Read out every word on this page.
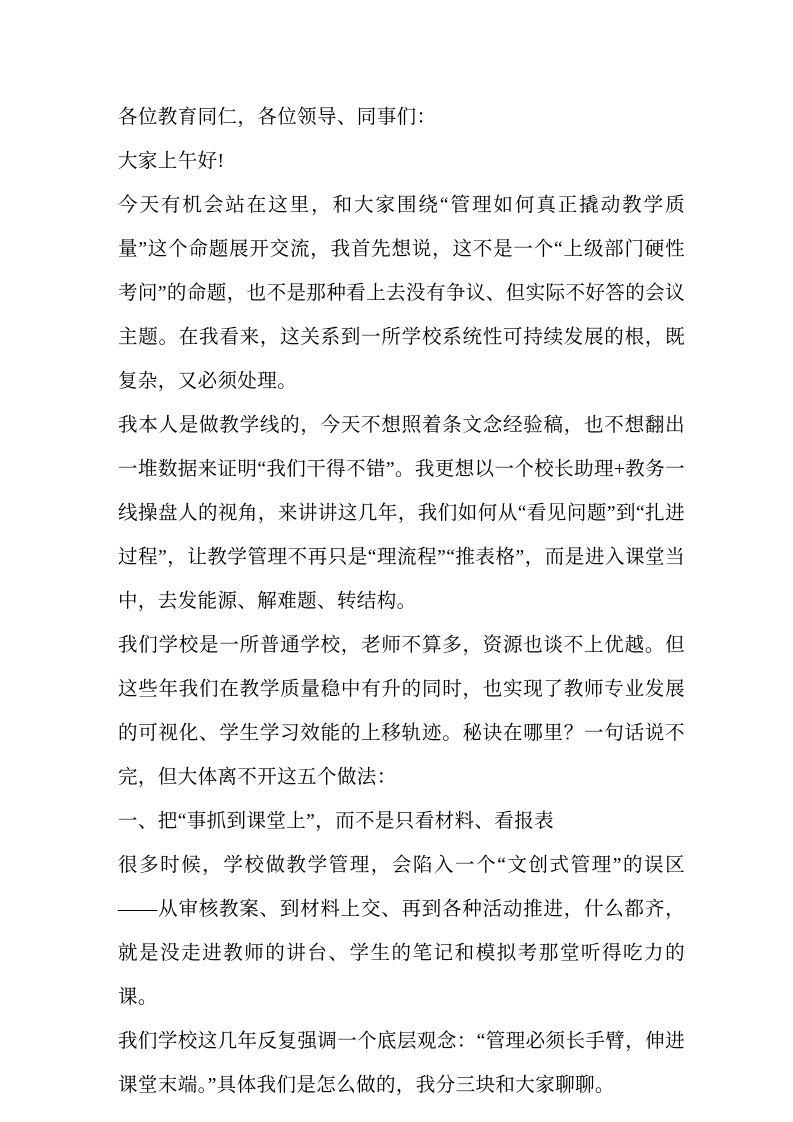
各位教育同仁，各位领导、同事们：

大家上午好!

今天有机会站在这里，和大家围绕“管理如何真正撬动教学质量”这个命题展开交流，我首先想说，这不是一个“上级部门硬性考问”的命题，也不是那种看上去没有争议、但实际不好答的会议主题。在我看来，这关系到一所学校系统性可持续发展的根，既复杂，又必须处理。

我本人是做教学线的，今天不想照着条文念经验稿，也不想翻出一堆数据来证明“我们干得不错”。我更想以一个校长助理+教务一线操盘人的视角，来讲讲这几年，我们如何从“看见问题”到“扎进过程”，让教学管理不再只是“理流程”“推表格”，而是进入课堂当中，去发能源、解难题、转结构。

我们学校是一所普通学校，老师不算多，资源也谈不上优越。但这些年我们在教学质量稳中有升的同时，也实现了教师专业发展的可视化、学生学习效能的上移轨迹。秘诀在哪里？一句话说不完，但大体离不开这五个做法：

一、把“事抓到课堂上”，而不是只看材料、看报表

很多时候，学校做教学管理，会陷入一个“文创式管理”的误区——从审核教案、到材料上交、再到各种活动推进，什么都齐，就是没走进教师的讲台、学生的笔记和模拟考那堂听得吃力的课。

我们学校这几年反复强调一个底层观念：“管理必须长手臂，伸进课堂末端。”具体我们是怎么做的，我分三块和大家聊聊。
